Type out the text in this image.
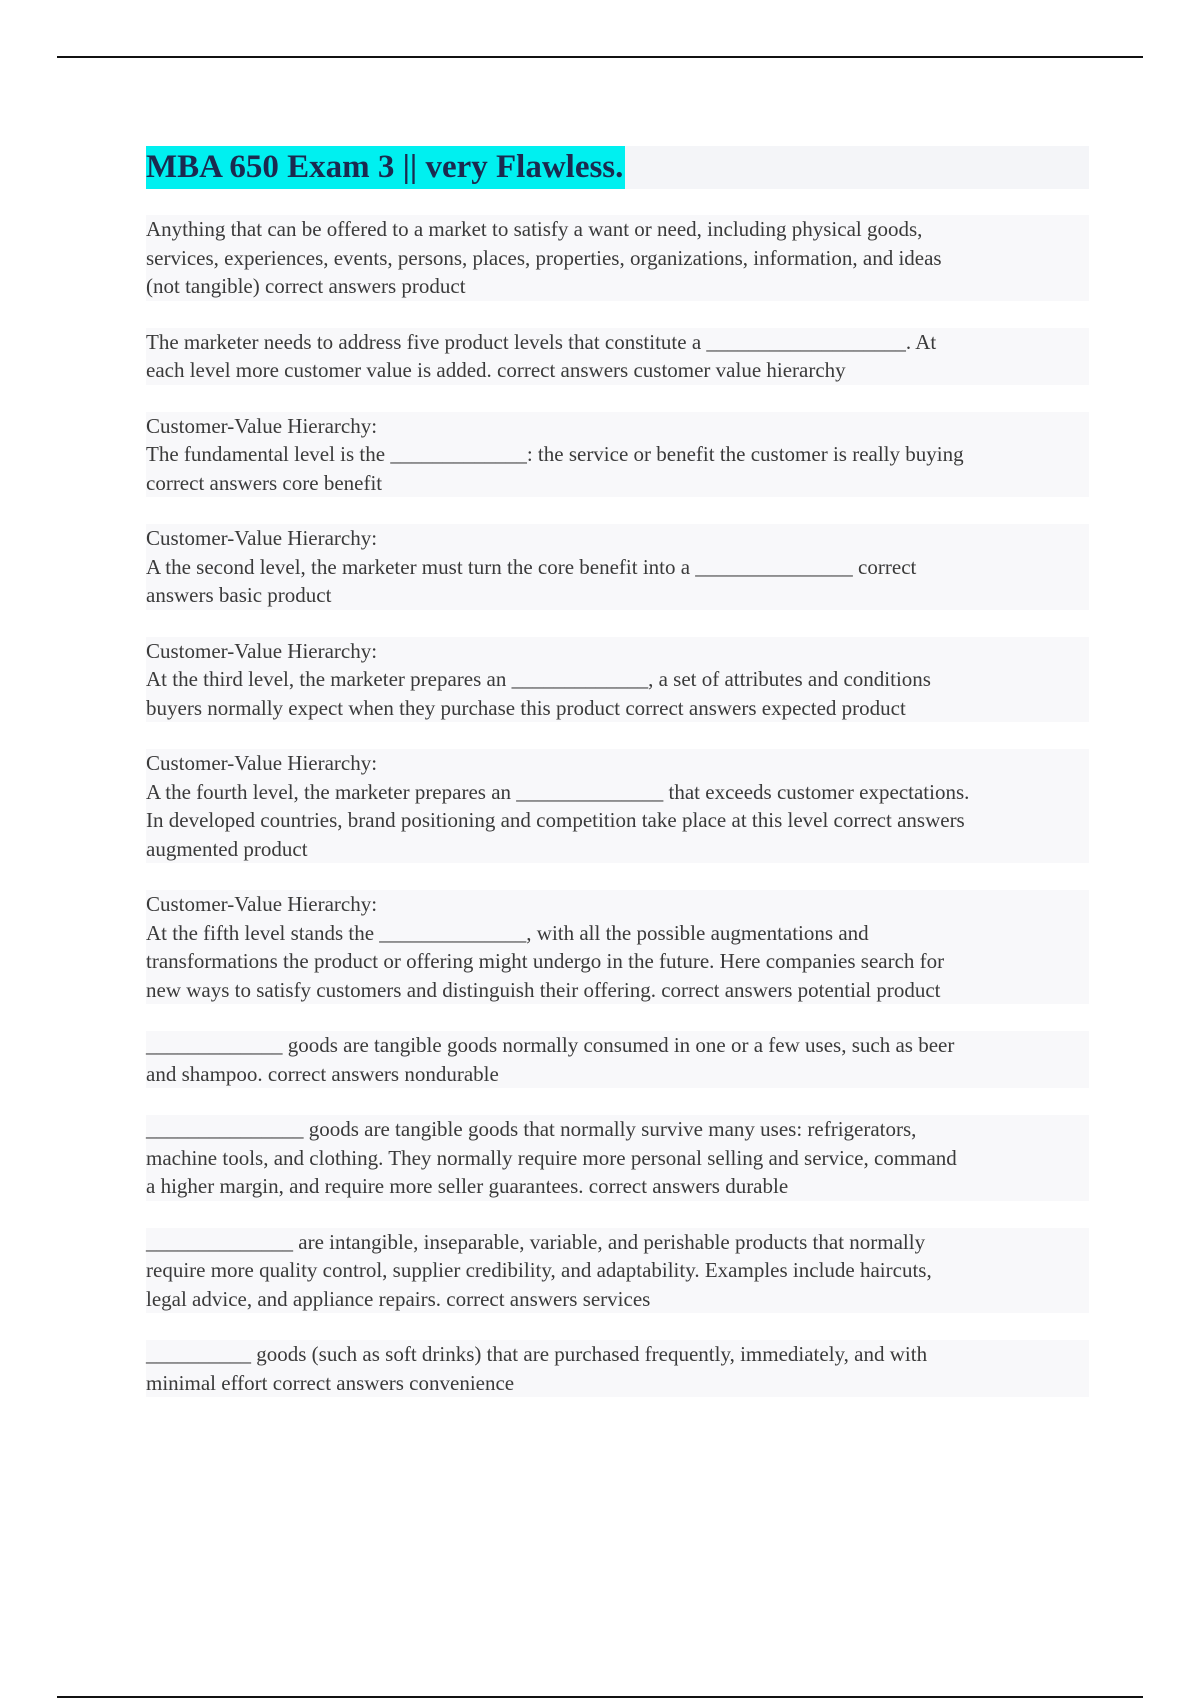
MBA 650 Exam 3 || very Flawless.

Anything that can be offered to a market to satisfy a want or need, including physical goods,
services, experiences, events, persons, places, properties, organizations, information, and ideas
(not tangible) correct answers product

The marketer needs to address five product levels that constitute a ___________________. At
each level more customer value is added. correct answers customer value hierarchy

Customer-Value Hierarchy:
The fundamental level is the _____________: the service or benefit the customer is really buying
correct answers core benefit

Customer-Value Hierarchy:
A the second level, the marketer must turn the core benefit into a _______________ correct
answers basic product

Customer-Value Hierarchy:
At the third level, the marketer prepares an _____________, a set of attributes and conditions
buyers normally expect when they purchase this product correct answers expected product

Customer-Value Hierarchy:
A the fourth level, the marketer prepares an ______________ that exceeds customer expectations.
In developed countries, brand positioning and competition take place at this level correct answers
augmented product

Customer-Value Hierarchy:
At the fifth level stands the ______________, with all the possible augmentations and
transformations the product or offering might undergo in the future. Here companies search for
new ways to satisfy customers and distinguish their offering. correct answers potential product

_____________ goods are tangible goods normally consumed in one or a few uses, such as beer
and shampoo. correct answers nondurable

_______________ goods are tangible goods that normally survive many uses: refrigerators,
machine tools, and clothing. They normally require more personal selling and service, command
a higher margin, and require more seller guarantees. correct answers durable

______________ are intangible, inseparable, variable, and perishable products that normally
require more quality control, supplier credibility, and adaptability. Examples include haircuts,
legal advice, and appliance repairs. correct answers services

__________ goods (such as soft drinks) that are purchased frequently, immediately, and with
minimal effort correct answers convenience
